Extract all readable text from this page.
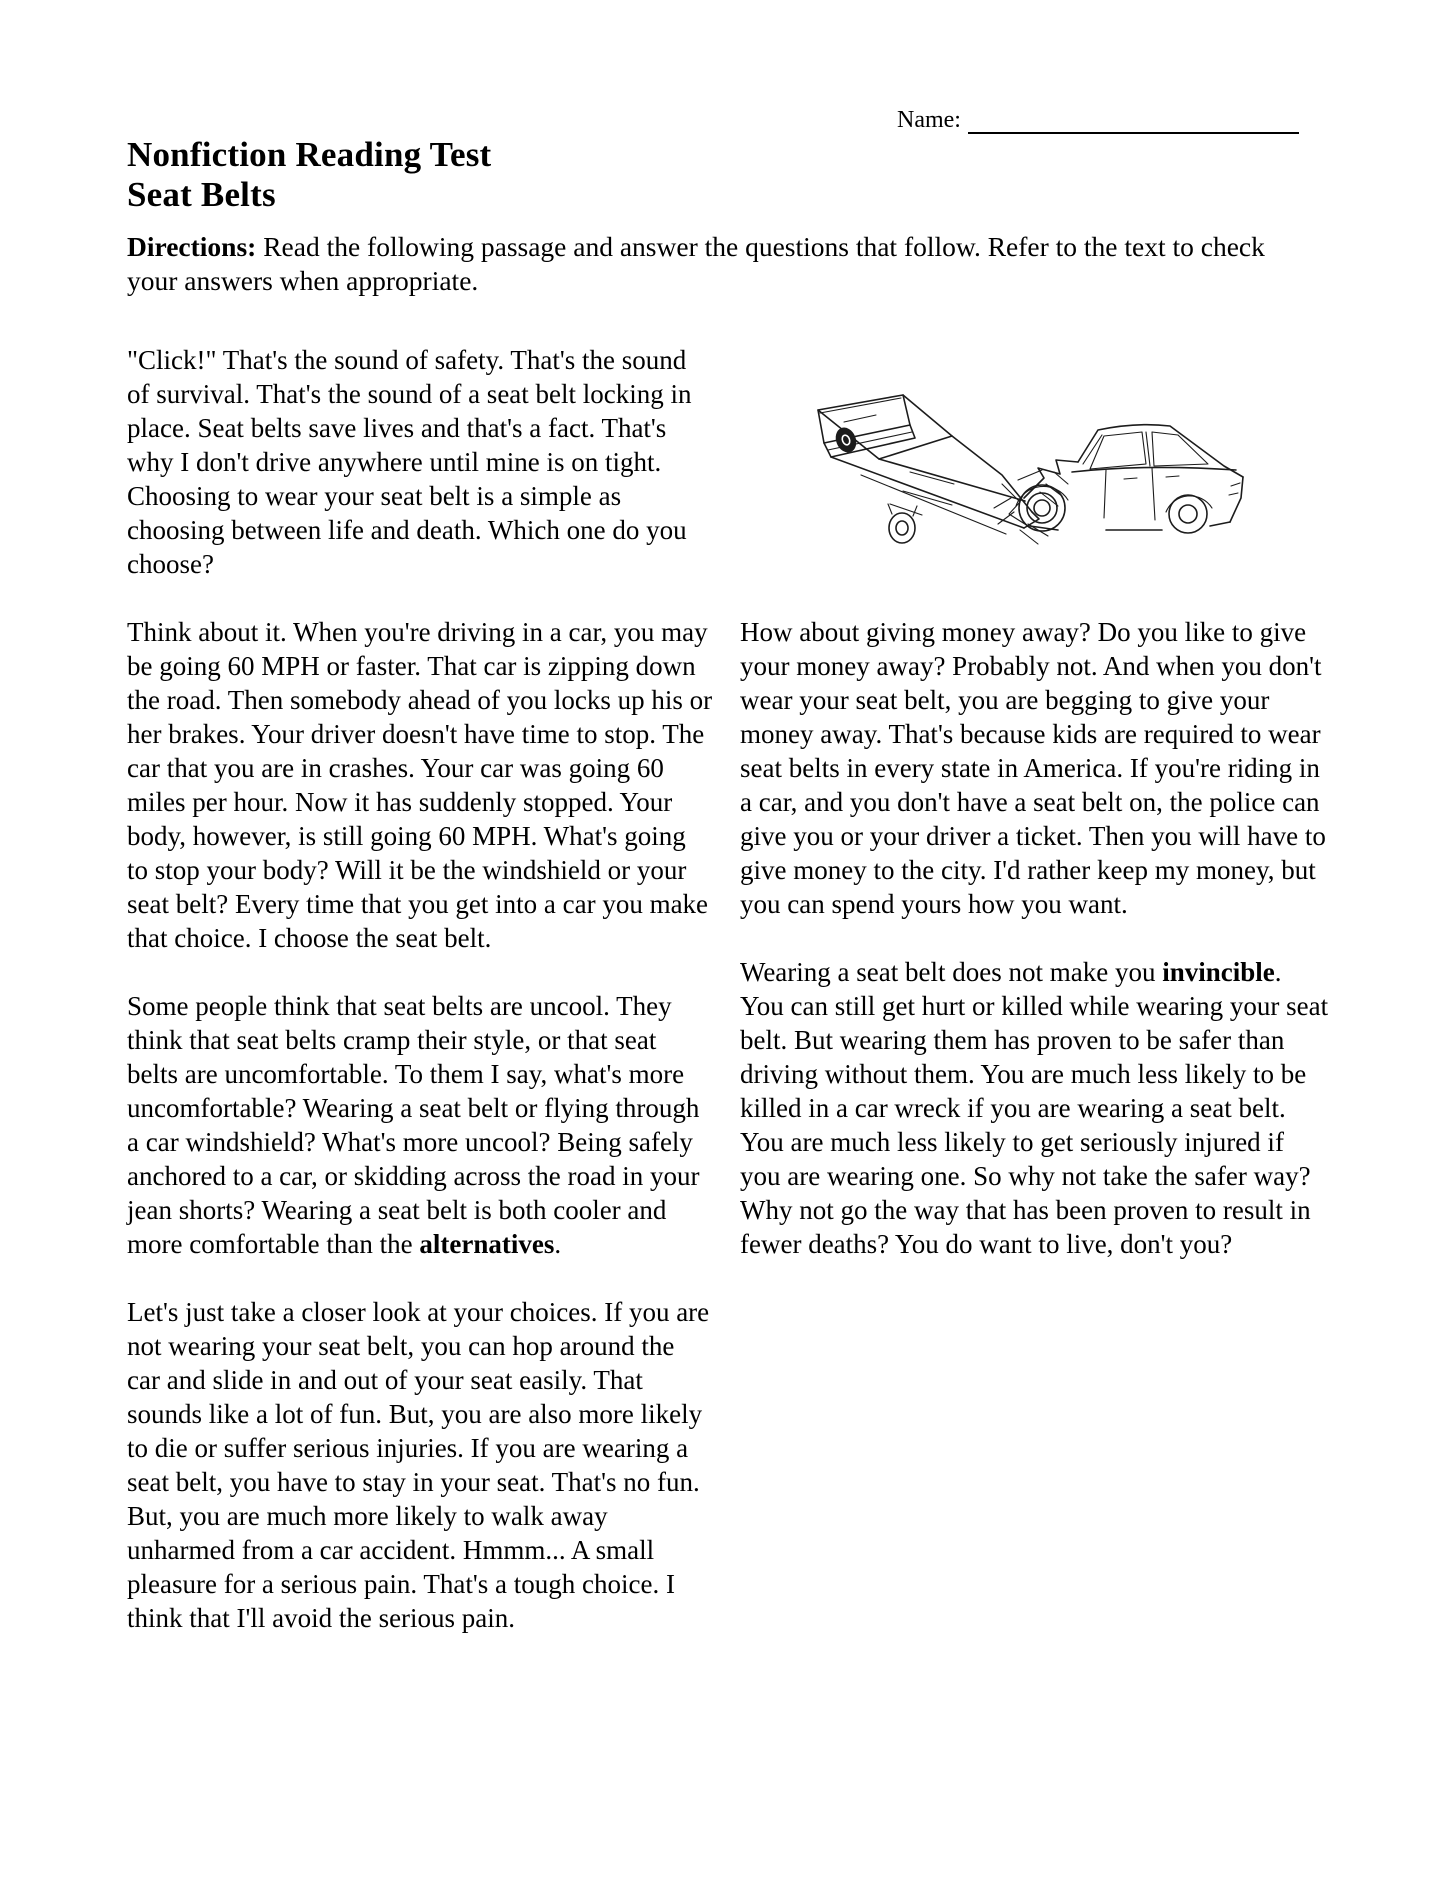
Name:
Nonfiction Reading Test
Seat Belts

Directions: Read the following passage and answer the questions that follow. Refer to the text to check your answers when appropriate.

"Click!" That's the sound of safety. That's the sound of survival. That's the sound of a seat belt locking in place. Seat belts save lives and that's a fact. That's why I don't drive anywhere until mine is on tight. Choosing to wear your seat belt is a simple as choosing between life and death. Which one do you choose?

Think about it. When you're driving in a car, you may be going 60 MPH or faster. That car is zipping down the road. Then somebody ahead of you locks up his or her brakes. Your driver doesn't have time to stop. The car that you are in crashes. Your car was going 60 miles per hour. Now it has suddenly stopped. Your body, however, is still going 60 MPH. What's going to stop your body? Will it be the windshield or your seat belt? Every time that you get into a car you make that choice. I choose the seat belt.

Some people think that seat belts are uncool. They think that seat belts cramp their style, or that seat belts are uncomfortable. To them I say, what's more uncomfortable? Wearing a seat belt or flying through a car windshield? What's more uncool? Being safely anchored to a car, or skidding across the road in your jean shorts? Wearing a seat belt is both cooler and more comfortable than the alternatives.

Let's just take a closer look at your choices. If you are not wearing your seat belt, you can hop around the car and slide in and out of your seat easily. That sounds like a lot of fun. But, you are also more likely to die or suffer serious injuries. If you are wearing a seat belt, you have to stay in your seat. That's no fun. But, you are much more likely to walk away unharmed from a car accident. Hmmm... A small pleasure for a serious pain. That's a tough choice. I think that I'll avoid the serious pain.

How about giving money away? Do you like to give your money away? Probably not. And when you don't wear your seat belt, you are begging to give your money away. That's because kids are required to wear seat belts in every state in America. If you're riding in a car, and you don't have a seat belt on, the police can give you or your driver a ticket. Then you will have to give money to the city. I'd rather keep my money, but you can spend yours how you want.

Wearing a seat belt does not make you invincible. You can still get hurt or killed while wearing your seat belt. But wearing them has proven to be safer than driving without them. You are much less likely to be killed in a car wreck if you are wearing a seat belt. You are much less likely to get seriously injured if you are wearing one. So why not take the safer way? Why not go the way that has been proven to result in fewer deaths? You do want to live, don't you?
